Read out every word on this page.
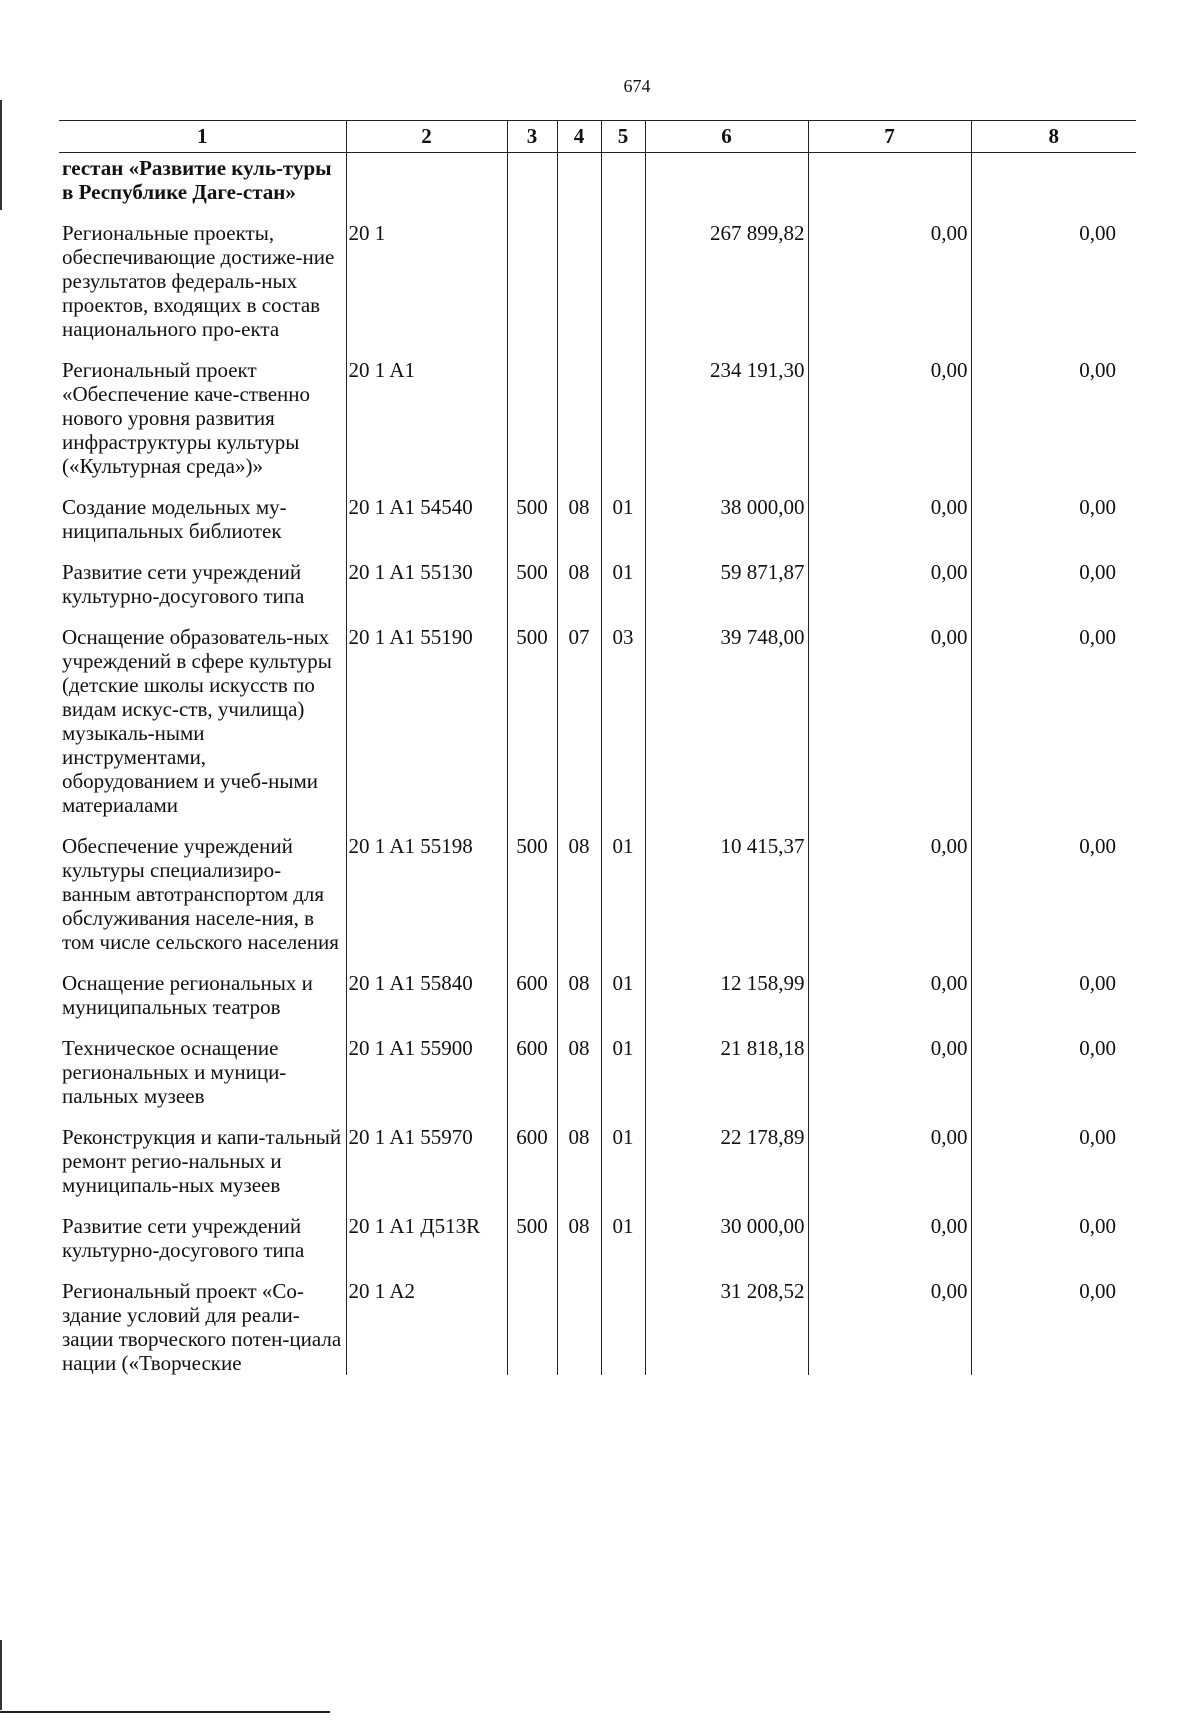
674
1	2	3	4	5	6	7	8
гестан «Развитие куль-туры в Республике Даге-стан»							
Региональные проекты, обеспечивающие достиже-ние результатов федераль-ных проектов, входящих в состав национального про-екта	20 1				267 899,82	0,00	0,00
Региональный проект «Обеспечение каче-ственно нового уровня развития инфраструктуры культуры («Культурная среда»)»	20 1 A1				234 191,30	0,00	0,00
Создание модельных му-ниципальных библиотек	20 1 A1 54540	500	08	01	38 000,00	0,00	0,00
Развитие сети учреждений культурно-досугового типа	20 1 A1 55130	500	08	01	59 871,87	0,00	0,00
Оснащение образователь-ных учреждений в сфере культуры (детские школы искусств по видам искус-ств, училища) музыкаль-ными инструментами, оборудованием и учеб-ными материалами	20 1 A1 55190	500	07	03	39 748,00	0,00	0,00
Обеспечение учреждений культуры специализиро-ванным автотранспортом для обслуживания населе-ния, в том числе сельского населения	20 1 A1 55198	500	08	01	10 415,37	0,00	0,00
Оснащение региональных и муниципальных театров	20 1 A1 55840	600	08	01	12 158,99	0,00	0,00
Техническое оснащение региональных и муници-пальных музеев	20 1 A1 55900	600	08	01	21 818,18	0,00	0,00
Реконструкция и капи-тальный ремонт регио-нальных и муниципаль-ных музеев	20 1 A1 55970	600	08	01	22 178,89	0,00	0,00
Развитие сети учреждений культурно-досугового типа	20 1 A1 Д513R	500	08	01	30 000,00	0,00	0,00
Региональный проект «Со-здание условий для реали-зации творческого потен-циала нации («Творческие	20 1 A2				31 208,52	0,00	0,00
